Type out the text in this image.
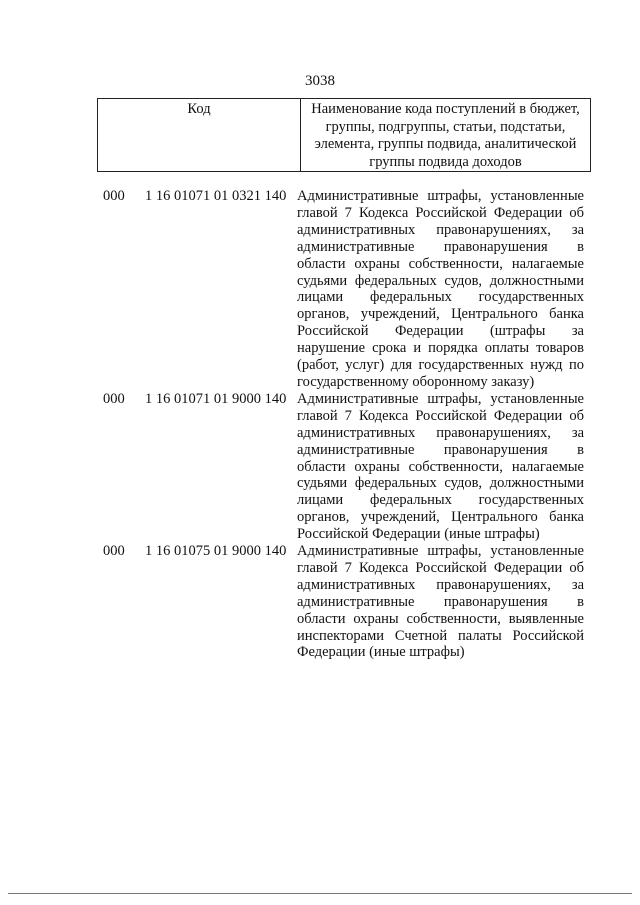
3038
Код	Наименование кода поступлений в бюджет, группы, подгруппы, статьи, подстатьи, элемента, группы подвида, аналитической группы подвида доходов
000	1 16 01071 01 0321 140 Административные штрафы, установленные главой 7 Кодекса Российской Федерации об административных правонарушениях, за административные правонарушения в области охраны собственности, налагаемые судьями федеральных судов, должностными лицами федеральных государственных органов, учреждений, Центрального банка Российской Федерации (штрафы за нарушение срока и порядка оплаты товаров (работ, услуг) для государственных нужд по государственному оборонному заказу)
000	1 16 01071 01 9000 140 Административные штрафы, установленные главой 7 Кодекса Российской Федерации об административных правонарушениях, за административные правонарушения в области охраны собственности, налагаемые судьями федеральных судов, должностными лицами федеральных государственных органов, учреждений, Центрального банка Российской Федерации (иные штрафы)
000	1 16 01075 01 9000 140 Административные штрафы, установленные главой 7 Кодекса Российской Федерации об административных правонарушениях, за административные правонарушения в области охраны собственности, выявленные инспекторами Счетной палаты Российской Федерации (иные штрафы)
